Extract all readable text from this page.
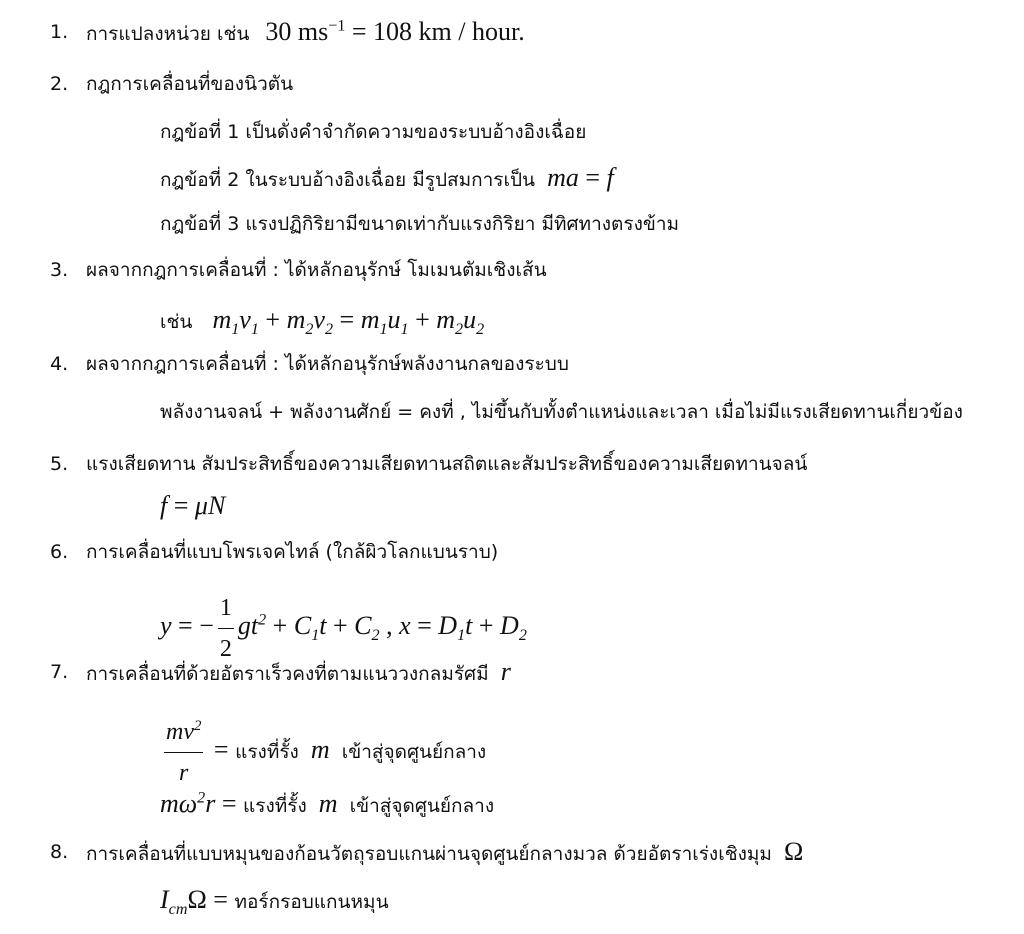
1. การแปลงหน่วย เช่น 30 $ms^{-1} = 108$ km / hour.
2. กฎการเคลื่อนที่ของนิวตัน
กฎข้อที่ 1 เป็นดั่งคำจำกัดความของระบบอ้างอิงเฉื่อย
กฎข้อที่ 2 ในระบบอ้างอิงเฉื่อย มีรูปสมการเป็น ma = f
กฎข้อที่ 3 แรงปฏิกิริยามีขนาดเท่ากับแรงกิริยา มีทิศทางตรงข้าม
3. ผลจากกฎการเคลื่อนที่ : ได้หลักอนุรักษ์ โมเมนตัมเชิงเส้น
เช่น $m_1v_1 + m_2v_2 = m_1u_1 + m_2u_2$
4. ผลจากกฎการเคลื่อนที่ : ได้หลักอนุรักษ์พลังงานกลของระบบ
พลังงานจลน์ + พลังงานศักย์ = คงที่ , ไม่ขึ้นกับทั้งตำแหน่งและเวลา เมื่อไม่มีแรงเสียดทานเกี่ยวข้อง
5. แรงเสียดทาน สัมประสิทธิ์ของความเสียดทานสถิตและสัมประสิทธิ์ของความเสียดทานจลน์
f = μN
6. การเคลื่อนที่แบบโพรเจคไทล์ (ใกล้ผิวโลกแบนราบ)
y = − $\frac{1}{2} gt^2 + C_1t + C_2$ , $x = D_1t + D_2$
7. การเคลื่อนที่ด้วยอัตราเร็วคงที่ตามแนววงกลมรัศมี r
$\frac{mv^2}{r}$ = แรงที่รั้ง m เข้าสู่จุดศูนย์กลาง
$m\omega^2r$ = แรงที่รั้ง m เข้าสู่จุดศูนย์กลาง
8. การเคลื่อนที่แบบหมุนของก้อนวัตถุรอบแกนผ่านจุดศูนย์กลางมวล ด้วยอัตราเร่งเชิงมุม Ω
$I_{cm}\Omega$ = ทอร์กรอบแกนหมุน
